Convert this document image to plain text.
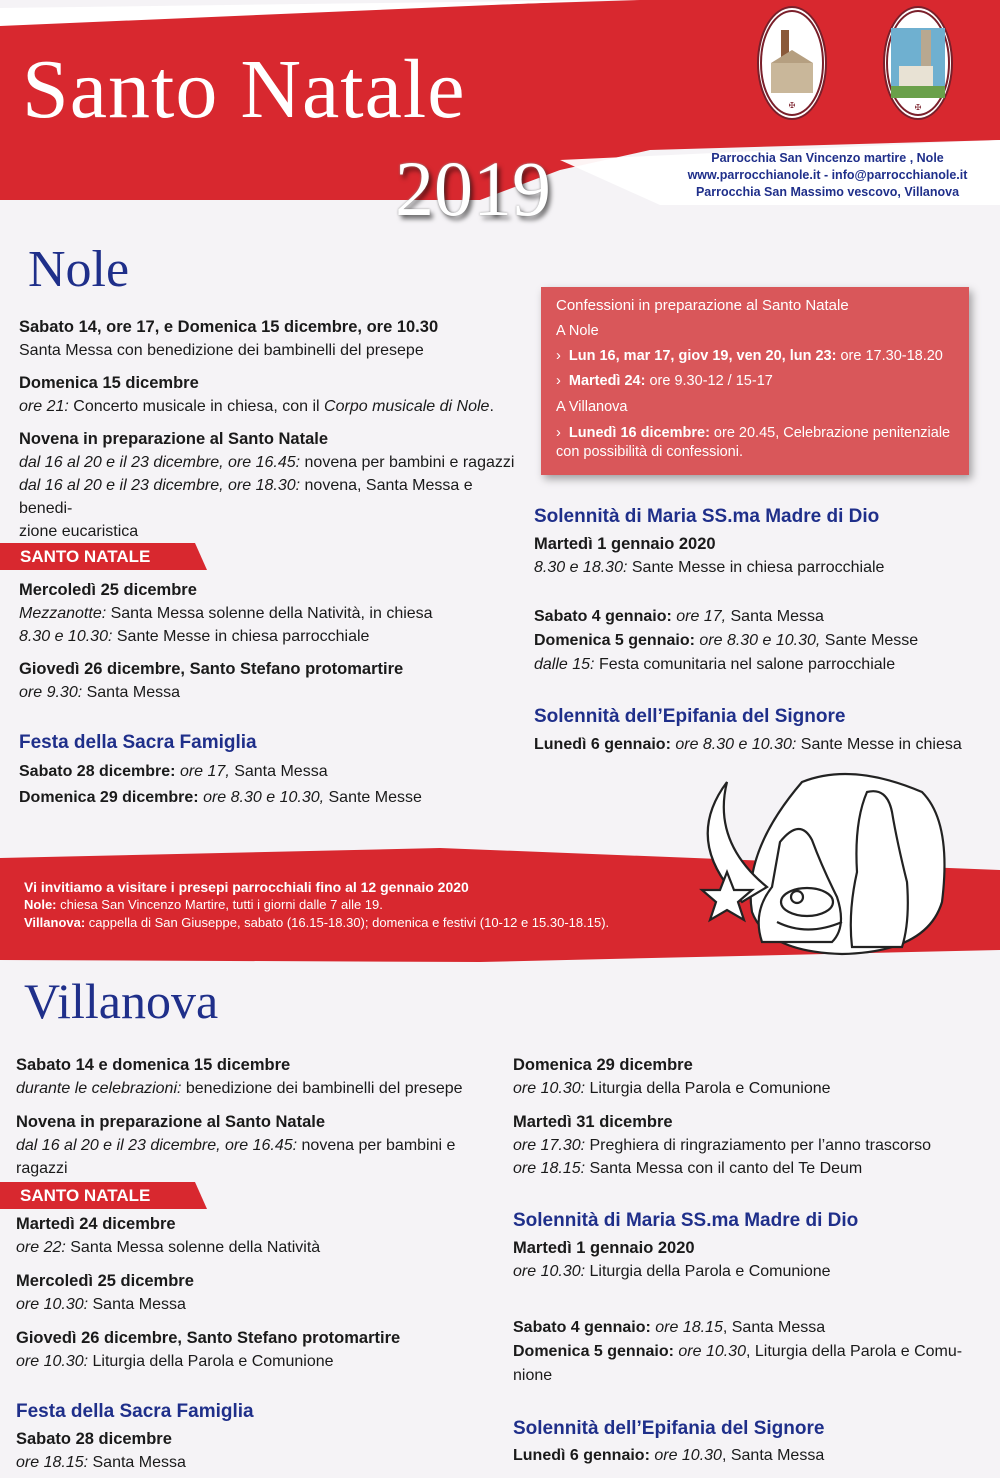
Santo Natale
2019
✠	✠
Parrocchia San Vincenzo martire , Nole
www.parrocchianole.it - info@parrocchianole.it
Parrocchia San Massimo vescovo, Villanova
Nole
Sabato 14, ore 17, e Domenica 15 dicembre, ore 10.30
Santa Messa con benedizione dei bambinelli del presepe
Domenica 15 dicembre
ore 21: Concerto musicale in chiesa, con il Corpo musicale di Nole.
Novena in preparazione al Santo Natale
dal 16 al 20 e il 23 dicembre, ore 16.45: novena per bambini e ragazzi
dal 16 al 20 e il 23 dicembre, ore 18.30: novena, Santa Messa e benedi-
zione eucaristica
SANTO NATALE
Mercoledì 25 dicembre
Mezzanotte: Santa Messa solenne della Natività, in chiesa
8.30 e 10.30: Sante Messe in chiesa parrocchiale
Giovedì 26 dicembre, Santo Stefano protomartire
ore 9.30: Santa Messa
Festa della Sacra Famiglia
Sabato 28 dicembre: ore 17, Santa Messa
Domenica 29 dicembre: ore 8.30 e 10.30, Sante Messe
Confessioni in preparazione al Santo Natale
A Nole
›  Lun 16, mar 17, giov 19, ven 20, lun 23: ore 17.30-18.20
›  Martedì 24: ore 9.30-12 / 15-17
A Villanova
›  Lunedì 16 dicembre: ore 20.45, Celebrazione penitenziale
con possibilità di confessioni.
Solennità di Maria SS.ma Madre di Dio
Martedì 1 gennaio 2020
8.30 e 18.30: Sante Messe in chiesa parrocchiale
Sabato 4 gennaio: ore 17, Santa Messa
Domenica 5 gennaio: ore 8.30 e 10.30, Sante Messe
dalle 15: Festa comunitaria nel salone parrocchiale
Solennità dell’Epifania del Signore
Lunedì 6 gennaio: ore 8.30 e 10.30: Sante Messe in chiesa
Vi invitiamo a visitare i presepi parrocchiali fino al 12 gennaio 2020
Nole: chiesa San Vincenzo Martire, tutti i giorni dalle 7 alle 19.
Villanova: cappella di San Giuseppe, sabato (16.15-18.30); domenica e festivi (10-12 e 15.30-18.15).
Villanova
Sabato 14 e domenica 15 dicembre
durante le celebrazioni: benedizione dei bambinelli del presepe
Novena in preparazione al Santo Natale
dal 16 al 20 e il 23 dicembre, ore 16.45: novena per bambini e ragazzi
SANTO NATALE
Martedì 24 dicembre
ore 22: Santa Messa solenne della Natività
Mercoledì 25 dicembre
ore 10.30: Santa Messa
Giovedì 26 dicembre, Santo Stefano protomartire
ore 10.30: Liturgia della Parola e Comunione
Festa della Sacra Famiglia
Sabato 28 dicembre
ore 18.15: Santa Messa
Domenica 29 dicembre
ore 10.30: Liturgia della Parola e Comunione
Martedì 31 dicembre
ore 17.30: Preghiera di ringraziamento per l’anno trascorso
ore 18.15: Santa Messa con il canto del Te Deum
Solennità di Maria SS.ma Madre di Dio
Martedì 1 gennaio 2020
ore 10.30: Liturgia della Parola e Comunione
Sabato 4 gennaio: ore 18.15, Santa Messa
Domenica 5 gennaio: ore 10.30, Liturgia della Parola e Comu-
nione
Solennità dell’Epifania del Signore
Lunedì 6 gennaio: ore 10.30, Santa Messa
